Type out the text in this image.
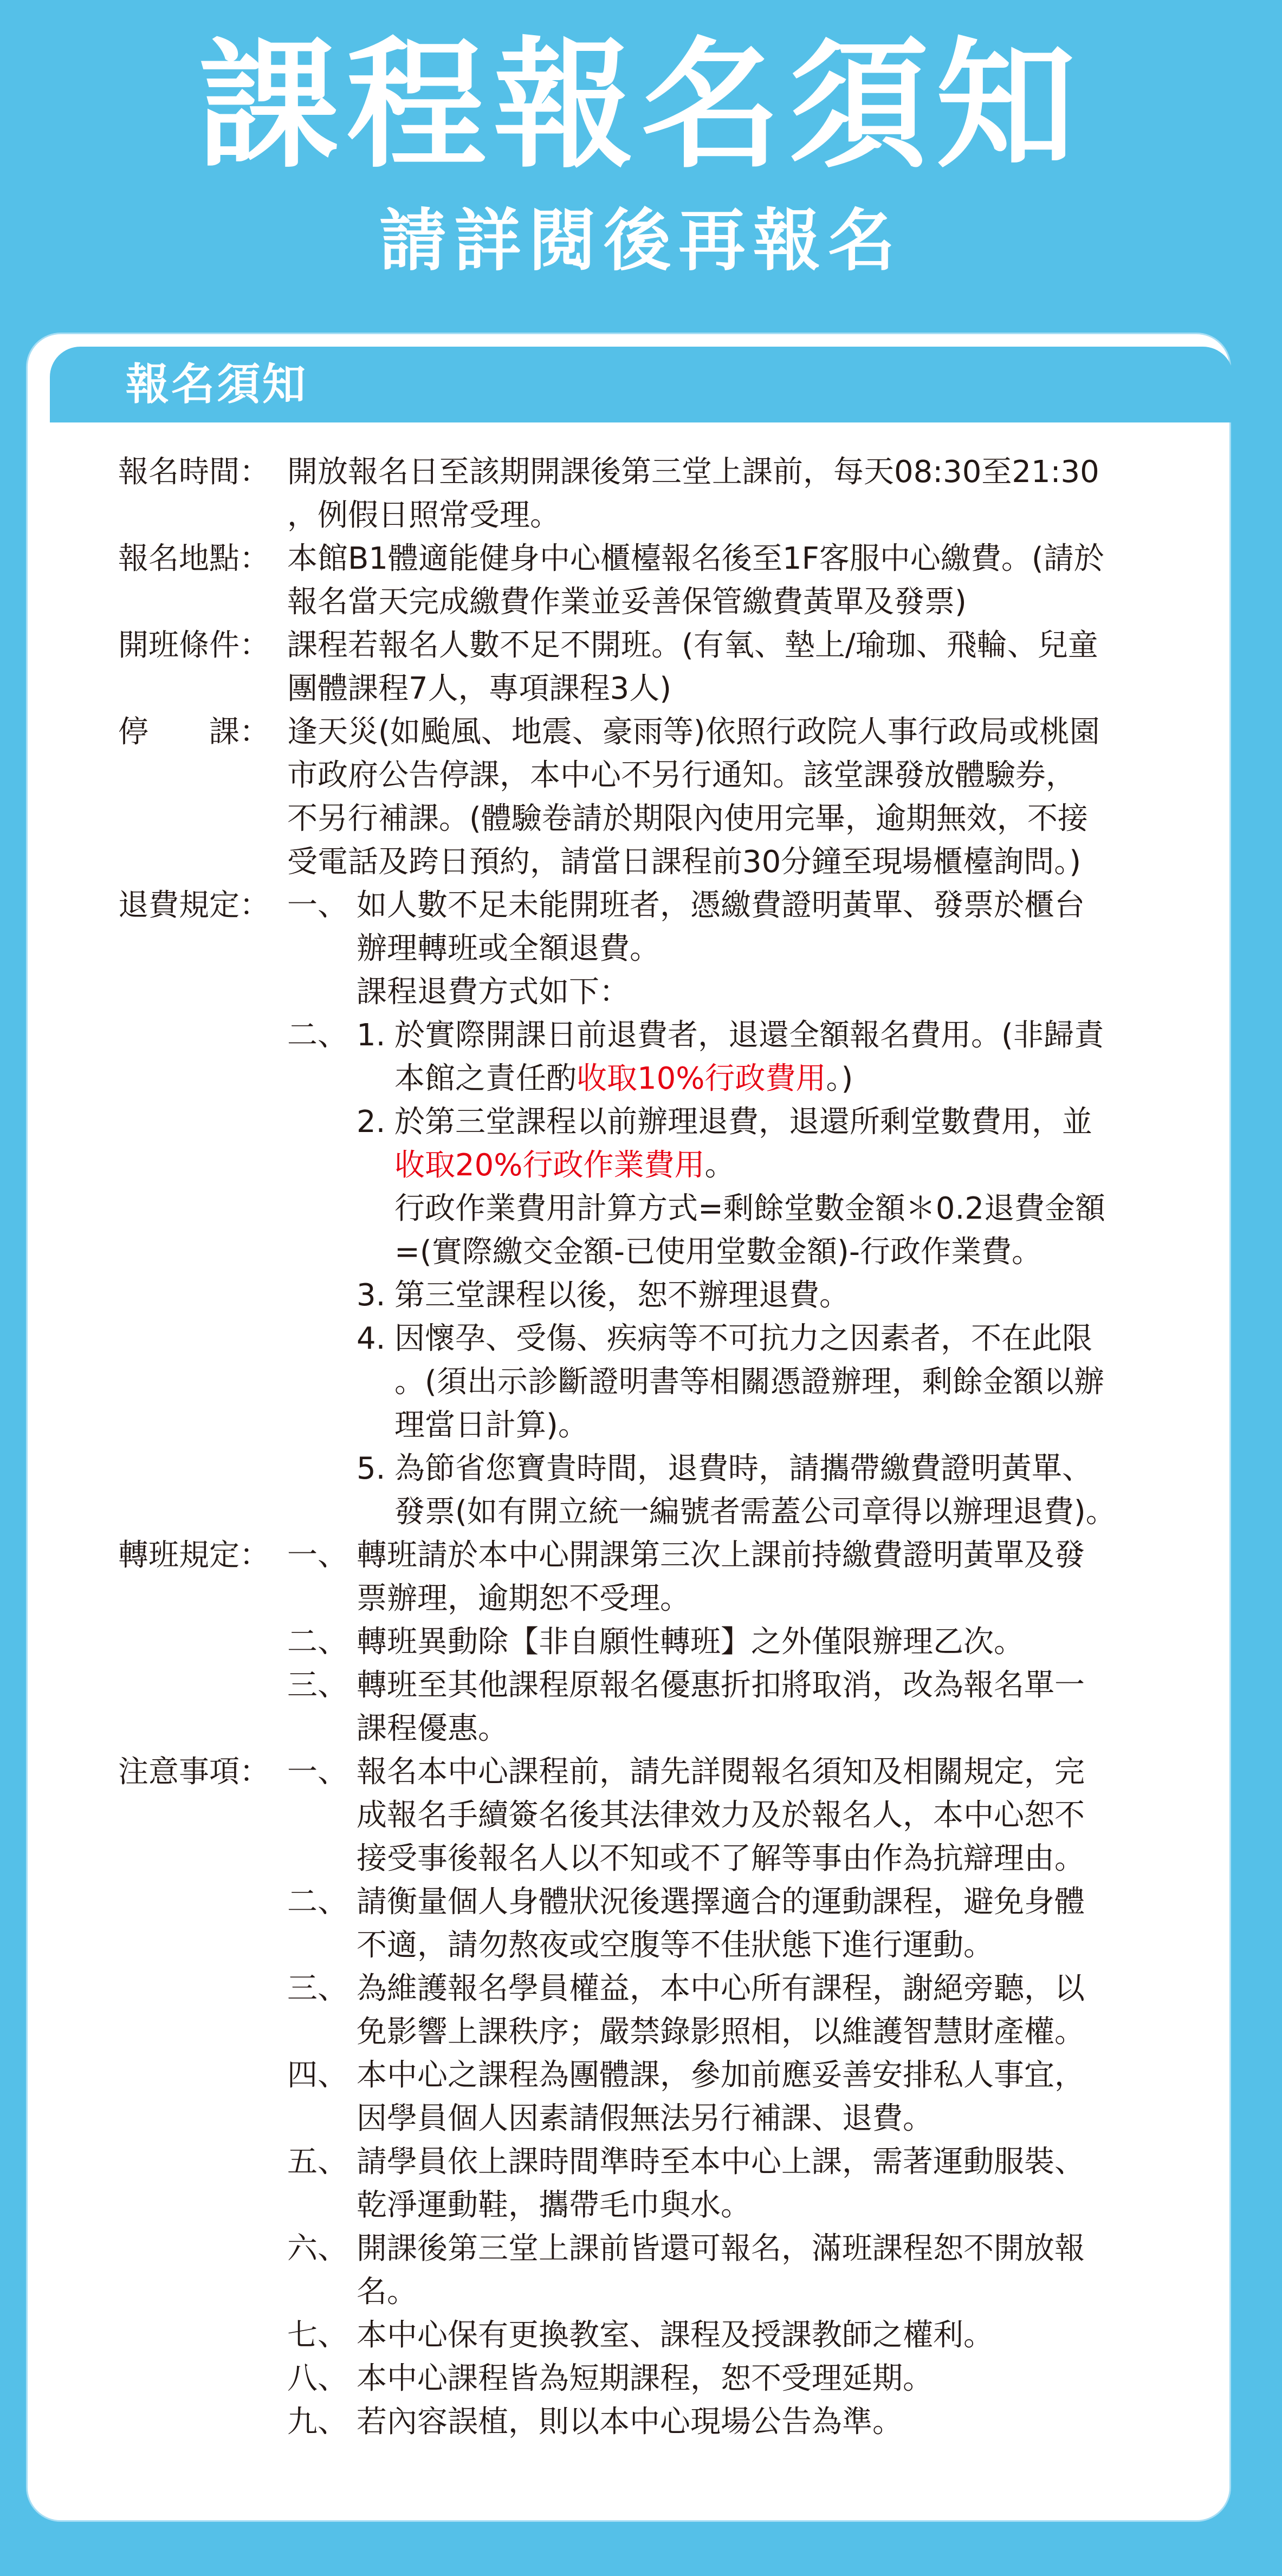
課程報名須知
請詳閱後再報名
報名須知
報名時間： 開放報名日至該期開課後第三堂上課前，每天08:30至21:30
，例假日照常受理。
報名地點： 本館B1體適能健身中心櫃檯報名後至1F客服中心繳費。(請於
報名當天完成繳費作業並妥善保管繳費黃單及發票)
開班條件： 課程若報名人數不足不開班。(有氧、墊上/瑜珈、飛輪、兒童
團體課程7人，專項課程3人)
停　　課： 逢天災(如颱風、地震、豪雨等)依照行政院人事行政局或桃園
市政府公告停課，本中心不另行通知。該堂課發放體驗券，
不另行補課。(體驗卷請於期限內使用完畢，逾期無效，不接
受電話及跨日預約，請當日課程前30分鐘至現場櫃檯詢問。)
退費規定： 一、 如人數不足未能開班者，憑繳費證明黃單、發票於櫃台
辦理轉班或全額退費。
課程退費方式如下：
二、 1. 於實際開課日前退費者，退還全額報名費用。(非歸責
本館之責任酌收取10%行政費用。)
2. 於第三堂課程以前辦理退費，退還所剩堂數費用，並
收取20%行政作業費用。
行政作業費用計算方式=剩餘堂數金額＊0.2退費金額
=(實際繳交金額-已使用堂數金額)-行政作業費。
3. 第三堂課程以後，恕不辦理退費。
4. 因懷孕、受傷、疾病等不可抗力之因素者，不在此限
。(須出示診斷證明書等相關憑證辦理，剩餘金額以辦
理當日計算)。
5. 為節省您寶貴時間，退費時，請攜帶繳費證明黃單、
發票(如有開立統一編號者需蓋公司章得以辦理退費)。
轉班規定： 一、 轉班請於本中心開課第三次上課前持繳費證明黃單及發
票辦理，逾期恕不受理。
二、 轉班異動除【非自願性轉班】之外僅限辦理乙次。
三、 轉班至其他課程原報名優惠折扣將取消，改為報名單一
課程優惠。
注意事項： 一、 報名本中心課程前，請先詳閱報名須知及相關規定，完
成報名手續簽名後其法律效力及於報名人，本中心恕不
接受事後報名人以不知或不了解等事由作為抗辯理由。
二、 請衡量個人身體狀況後選擇適合的運動課程，避免身體
不適，請勿熬夜或空腹等不佳狀態下進行運動。
三、 為維護報名學員權益，本中心所有課程，謝絕旁聽，以
免影響上課秩序；嚴禁錄影照相，以維護智慧財產權。
四、 本中心之課程為團體課，參加前應妥善安排私人事宜，
因學員個人因素請假無法另行補課、退費。
五、 請學員依上課時間準時至本中心上課，需著運動服裝、
乾淨運動鞋，攜帶毛巾與水。
六、 開課後第三堂上課前皆還可報名，滿班課程恕不開放報
名。
七、 本中心保有更換教室、課程及授課教師之權利。
八、 本中心課程皆為短期課程，恕不受理延期。
九、 若內容誤植，則以本中心現場公告為準。
